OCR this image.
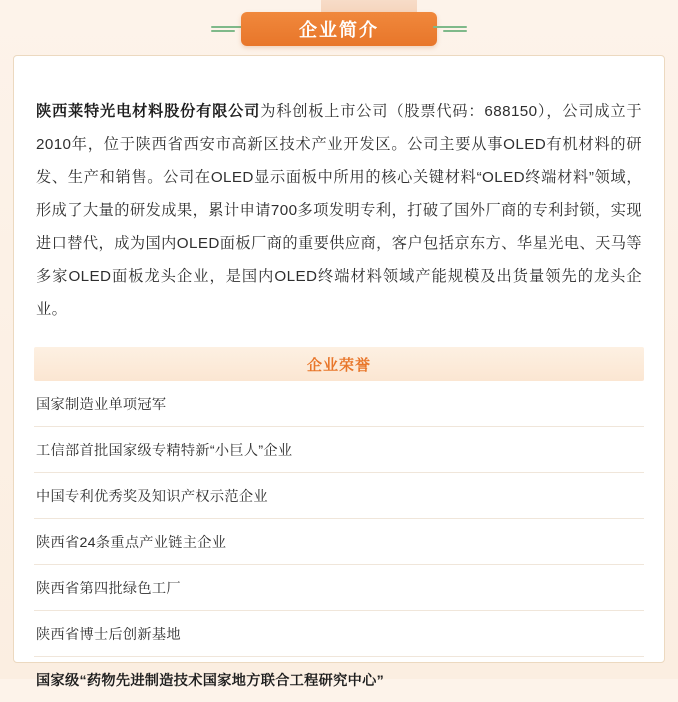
企业简介

陕西莱特光电材料股份有限公司为科创板上市公司（股票代码：688150），公司成立于2010年，位于陕西省西安市高新区技术产业开发区。公司主要从事OLED有机材料的研发、生产和销售。公司在OLED显示面板中所用的核心关键材料“OLED终端材料”领域，形成了大量的研发成果，累计申请700多项发明专利，打破了国外厂商的专利封锁，实现进口替代，成为国内OLED面板厂商的重要供应商，客户包括京东方、华星光电、天马等多家OLED面板龙头企业，是国内OLED终端材料领域产能规模及出货量领先的龙头企业。

企业荣誉
国家制造业单项冠军
工信部首批国家级专精特新“小巨人”企业
中国专利优秀奖及知识产权示范企业
陕西省24条重点产业链主企业
陕西省第四批绿色工厂
陕西省博士后创新基地
国家级“药物先进制造技术国家地方联合工程研究中心”
